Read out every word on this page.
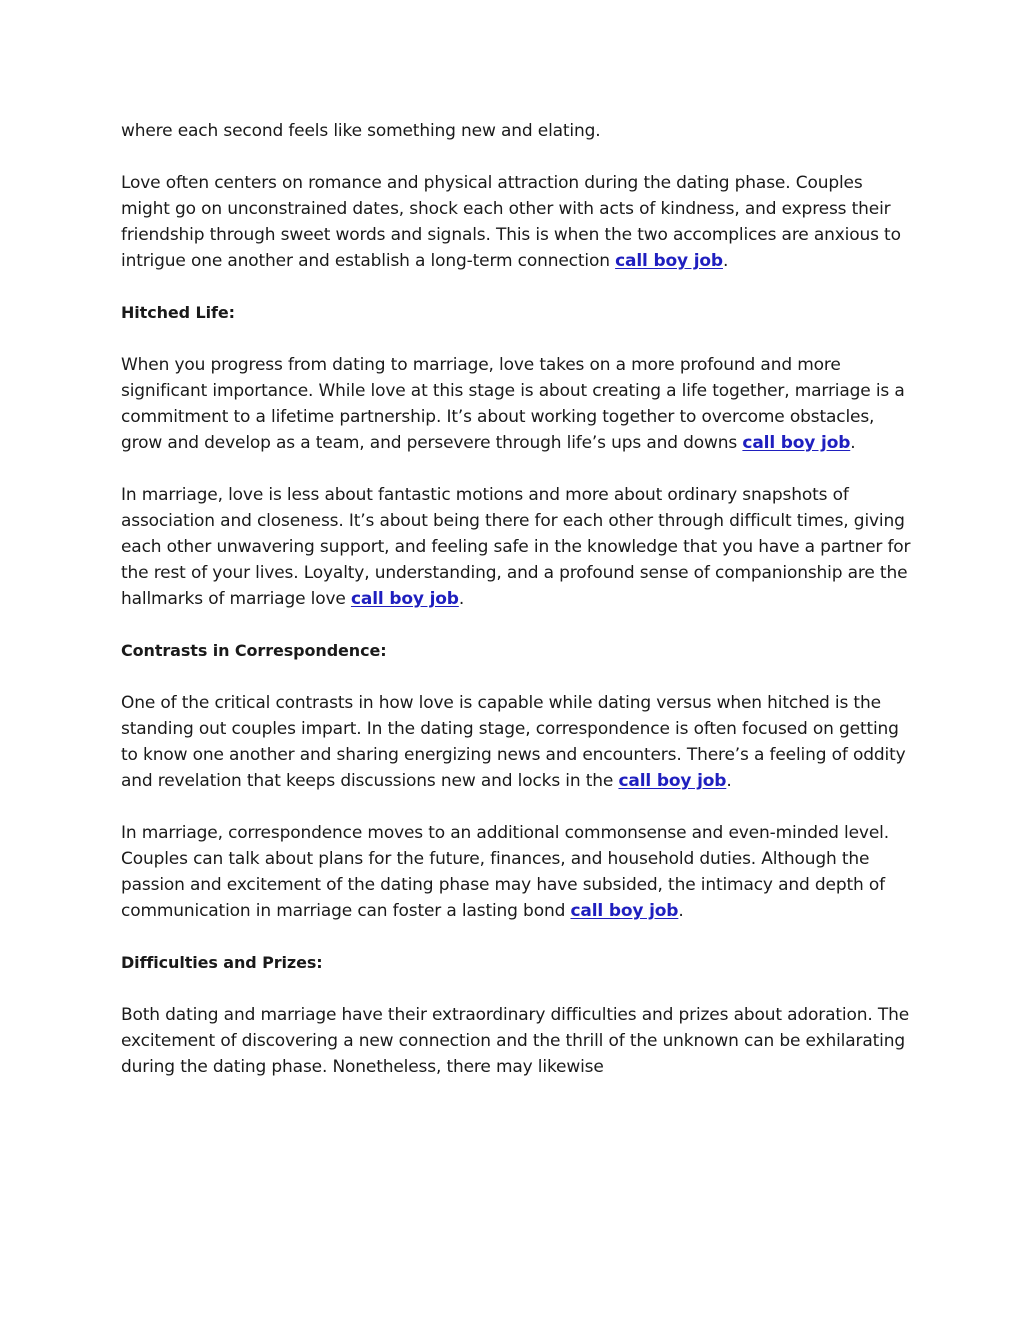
where each second feels like something new and elating.

Love often centers on romance and physical attraction during the dating phase. Couples might go on unconstrained dates, shock each other with acts of kindness, and express their friendship through sweet words and signals. This is when the two accomplices are anxious to intrigue one another and establish a long-term connection call boy job.

Hitched Life:

When you progress from dating to marriage, love takes on a more profound and more significant importance. While love at this stage is about creating a life together, marriage is a commitment to a lifetime partnership. It’s about working together to overcome obstacles, grow and develop as a team, and persevere through life’s ups and downs call boy job.

In marriage, love is less about fantastic motions and more about ordinary snapshots of association and closeness. It’s about being there for each other through difficult times, giving each other unwavering support, and feeling safe in the knowledge that you have a partner for the rest of your lives. Loyalty, understanding, and a profound sense of companionship are the hallmarks of marriage love call boy job.

Contrasts in Correspondence:

One of the critical contrasts in how love is capable while dating versus when hitched is the standing out couples impart. In the dating stage, correspondence is often focused on getting to know one another and sharing energizing news and encounters. There’s a feeling of oddity and revelation that keeps discussions new and locks in the call boy job.

In marriage, correspondence moves to an additional commonsense and even-minded level. Couples can talk about plans for the future, finances, and household duties. Although the passion and excitement of the dating phase may have subsided, the intimacy and depth of communication in marriage can foster a lasting bond call boy job.

Difficulties and Prizes:

Both dating and marriage have their extraordinary difficulties and prizes about adoration. The excitement of discovering a new connection and the thrill of the unknown can be exhilarating during the dating phase. Nonetheless, there may likewise
